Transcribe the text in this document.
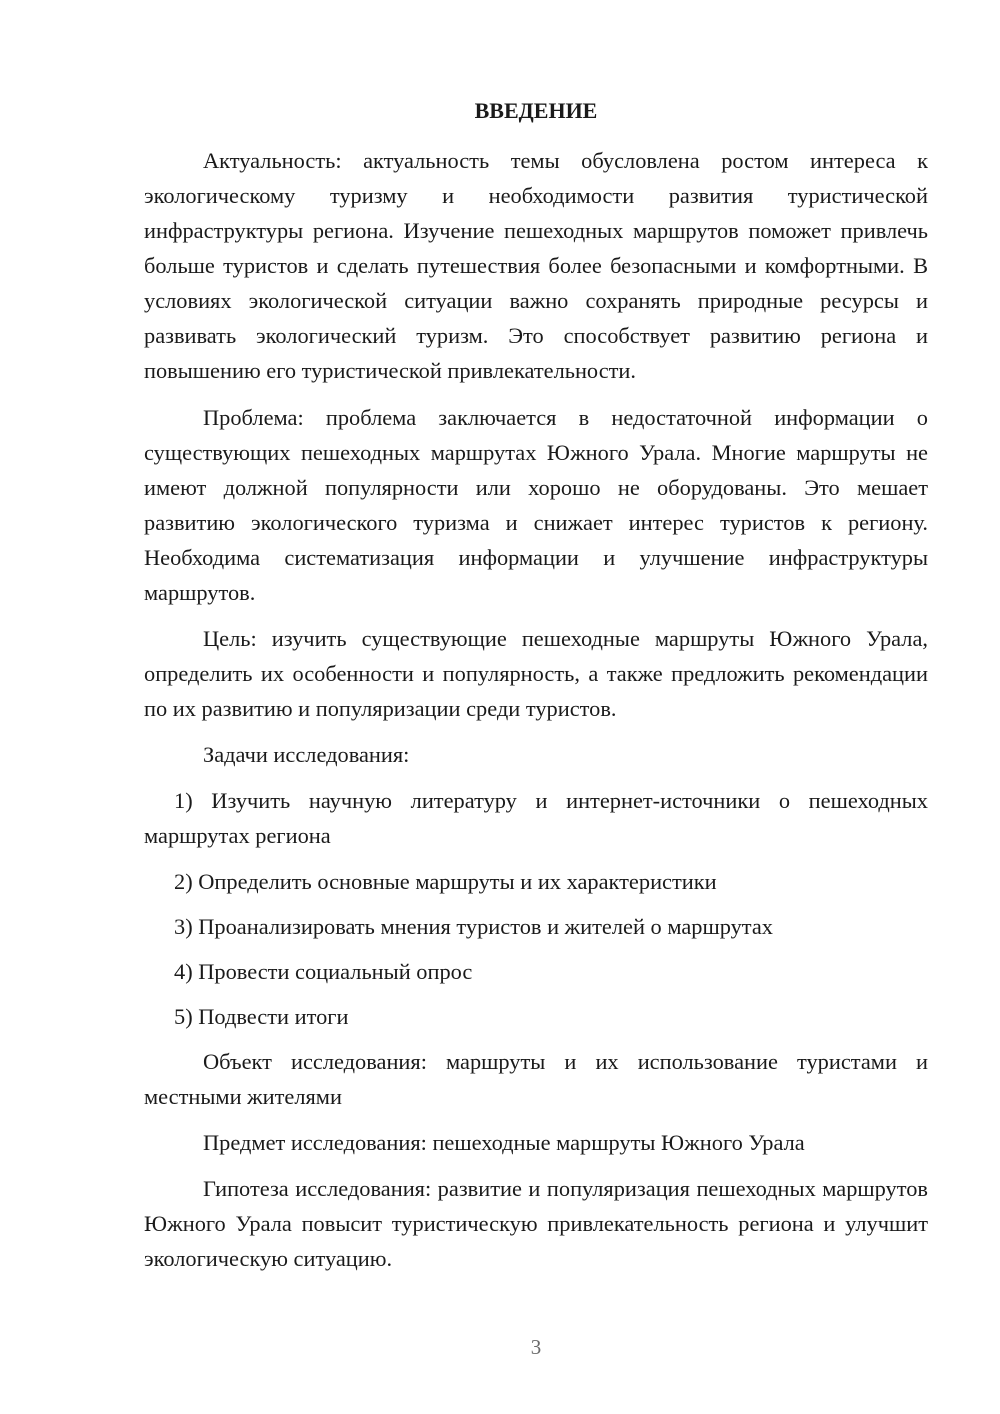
ВВЕДЕНИЕ

Актуальность: актуальность темы обусловлена ростом интереса к экологическому туризму и необходимости развития туристической инфраструктуры региона. Изучение пешеходных маршрутов поможет привлечь больше туристов и сделать путешествия более безопасными и комфортными. В условиях экологической ситуации важно сохранять природные ресурсы и развивать экологический туризм. Это способствует развитию региона и повышению его туристической привлекательности.

Проблема: проблема заключается в недостаточной информации о существующих пешеходных маршрутах Южного Урала. Многие маршруты не имеют должной популярности или хорошо не оборудованы. Это мешает развитию экологического туризма и снижает интерес туристов к региону. Необходима систематизация информации и улучшение инфраструктуры маршрутов.

Цель: изучить существующие пешеходные маршруты Южного Урала, определить их особенности и популярность, а также предложить рекомендации по их развитию и популяризации среди туристов.

Задачи исследования:

1) Изучить научную литературу и интернет-источники о пешеходных маршрутах региона

2) Определить основные маршруты и их характеристики

3) Проанализировать мнения туристов и жителей о маршрутах

4) Провести социальный опрос

5) Подвести итоги

Объект исследования: маршруты и их использование туристами и местными жителями

Предмет исследования: пешеходные маршруты Южного Урала

Гипотеза исследования: развитие и популяризация пешеходных маршрутов Южного Урала повысит туристическую привлекательность региона и улучшит экологическую ситуацию.

3
